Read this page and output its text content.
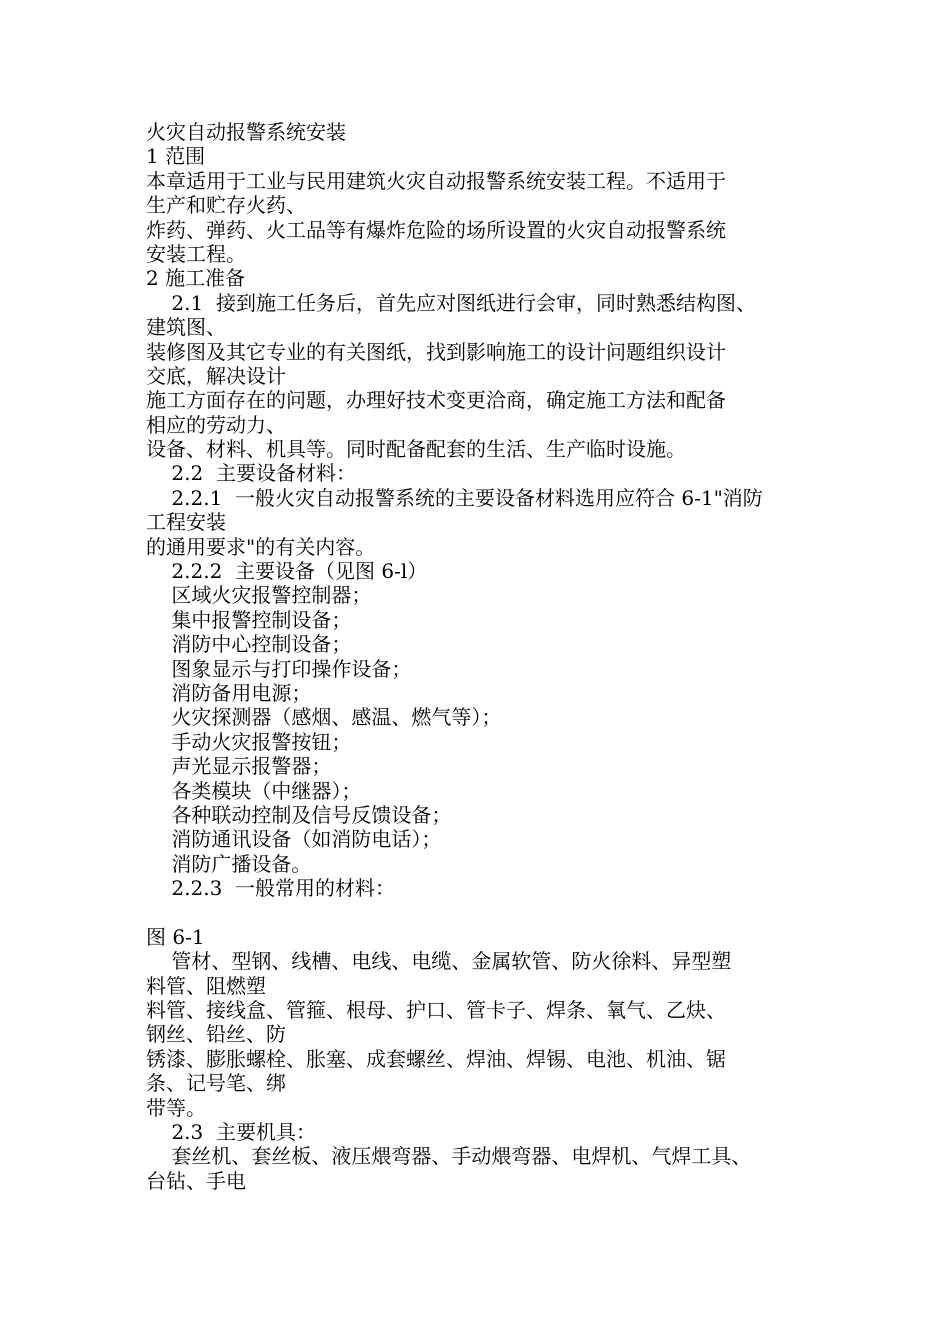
火灾自动报警系统安装
1 范围
本章适用于工业与民用建筑火灾自动报警系统安装工程。不适用于
生产和贮存火药、
炸药、弹药、火工品等有爆炸危险的场所设置的火灾自动报警系统
安装工程。
2 施工准备
2.1  接到施工任务后，首先应对图纸进行会审，同时熟悉结构图、
建筑图、
装修图及其它专业的有关图纸，找到影响施工的设计问题组织设计
交底，解决设计
施工方面存在的问题，办理好技术变更洽商，确定施工方法和配备
相应的劳动力、
设备、材料、机具等。同时配备配套的生活、生产临时设施。
2.2  主要设备材料：
2.2.1  一般火灾自动报警系统的主要设备材料选用应符合 6-1"消防
工程安装
的通用要求"的有关内容。
2.2.2  主要设备（见图 6-l）
区域火灾报警控制器；
集中报警控制设备；
消防中心控制设备；
图象显示与打印操作设备；
消防备用电源；
火灾探测器（感烟、感温、燃气等）；
手动火灾报警按钮；
声光显示报警器；
各类模块（中继器）；
各种联动控制及信号反馈设备；
消防通讯设备（如消防电话）；
消防广播设备。
2.2.3  一般常用的材料：
图 6-1
管材、型钢、线槽、电线、电缆、金属软管、防火徐料、异型塑
料管、阻燃塑
料管、接线盒、管箍、根母、护口、管卡子、焊条、氧气、乙炔、
钢丝、铅丝、防
锈漆、膨胀螺栓、胀塞、成套螺丝、焊油、焊锡、电池、机油、锯
条、记号笔、绑
带等。
2.3  主要机具：
套丝机、套丝板、液压煨弯器、手动煨弯器、电焊机、气焊工具、
台钻、手电
